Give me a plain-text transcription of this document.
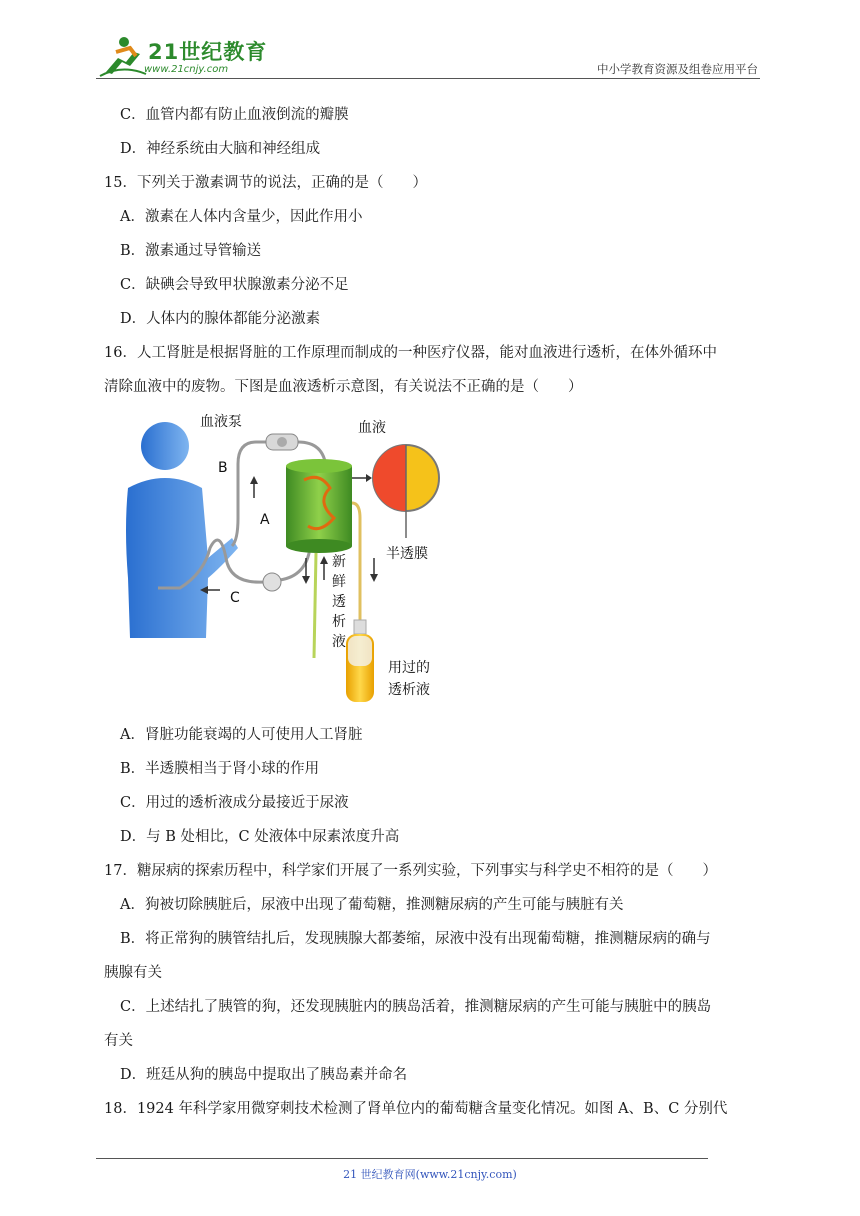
21世纪教育
www.21cnjy.com	中小学教育资源及组卷应用平台
C．血管内都有防止血液倒流的瓣膜
D．神经系统由大脑和神经组成
15．下列关于激素调节的说法，正确的是（　　）
A．激素在人体内含量少，因此作用小
B．激素通过导管输送
C．缺碘会导致甲状腺激素分泌不足
D．人体内的腺体都能分泌激素
16．人工肾脏是根据肾脏的工作原理而制成的一种医疗仪器，能对血液进行透析，在体外循环中
清除血液中的废物。下图是血液透析示意图，有关说法不正确的是（　　）
血液泵	血液
半透膜
B
A
C
新
鲜
透
析
液
用过的
透析液
A．肾脏功能衰竭的人可使用人工肾脏
B．半透膜相当于肾小球的作用
C．用过的透析液成分最接近于尿液
D．与 B 处相比，C 处液体中尿素浓度升高
17．糖尿病的探索历程中，科学家们开展了一系列实验，下列事实与科学史不相符的是（　　）
A．狗被切除胰脏后，尿液中出现了葡萄糖，推测糖尿病的产生可能与胰脏有关
B．将正常狗的胰管结扎后，发现胰腺大都萎缩，尿液中没有出现葡萄糖，推测糖尿病的确与
胰腺有关
C．上述结扎了胰管的狗，还发现胰脏内的胰岛活着，推测糖尿病的产生可能与胰脏中的胰岛
有关
D．班廷从狗的胰岛中提取出了胰岛素并命名
18．1924 年科学家用微穿刺技术检测了肾单位内的葡萄糖含量变化情况。如图 A、B、C 分别代
21 世纪教育网(www.21cnjy.com)
